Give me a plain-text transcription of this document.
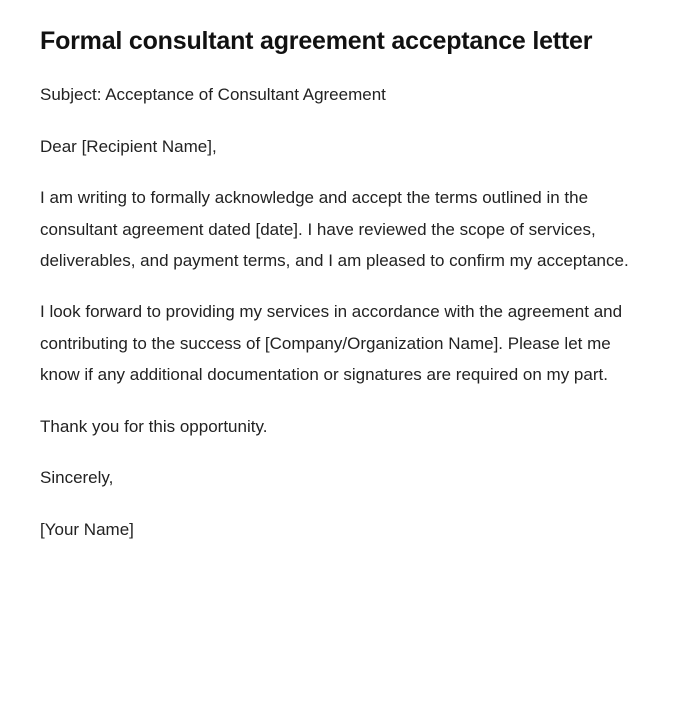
Formal consultant agreement acceptance letter

Subject: Acceptance of Consultant Agreement

Dear [Recipient Name],

I am writing to formally acknowledge and accept the terms outlined in the consultant agreement dated [date]. I have reviewed the scope of services, deliverables, and payment terms, and I am pleased to confirm my acceptance.

I look forward to providing my services in accordance with the agreement and contributing to the success of [Company/Organization Name]. Please let me know if any additional documentation or signatures are required on my part.

Thank you for this opportunity.

Sincerely,

[Your Name]
